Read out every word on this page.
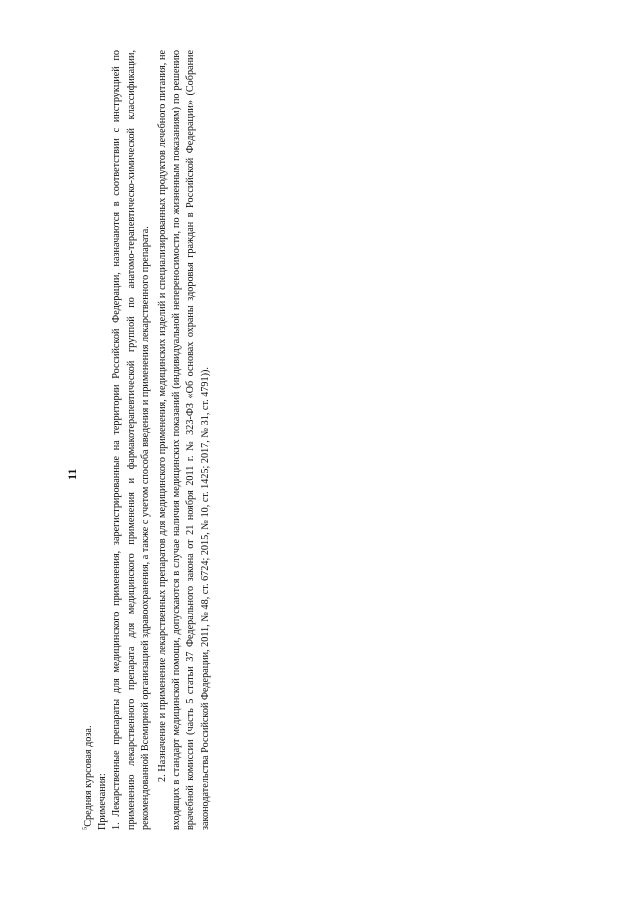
11

$^5$Средняя курсовая доза. Примечания: 1. Лекарственные препараты для медицинского применения, зарегистрированные на территории Российской Федерации, назначаются в соответствии с инструкцией по применению лекарственного препарата для медицинского применения и фармакотерапевтической группой по анатомо-терапевтическо-химической классификации, рекомендованной Всемирной организацией здравоохранения, а также с учетом способа введения и применения лекарственного препарата. 2. Назначение и применение лекарственных препаратов для медицинского применения, медицинских изделий и специализированных продуктов лечебного питания, не входящих в стандарт медицинской помощи, допускаются в случае наличия медицинских показаний (индивидуальной непереносимости, по жизненным показаниям) по решению врачебной комиссии (часть 5 статьи 37 Федерального закона от 21 ноября 2011 г. № 323-ФЗ «Об основах охраны здоровья граждан в Российской Федерации» (Собрание законодательства Российской Федерации, 2011, № 48, ст. 6724; 2015, № 10, ст. 1425; 2017, № 31, ст. 4791)).
